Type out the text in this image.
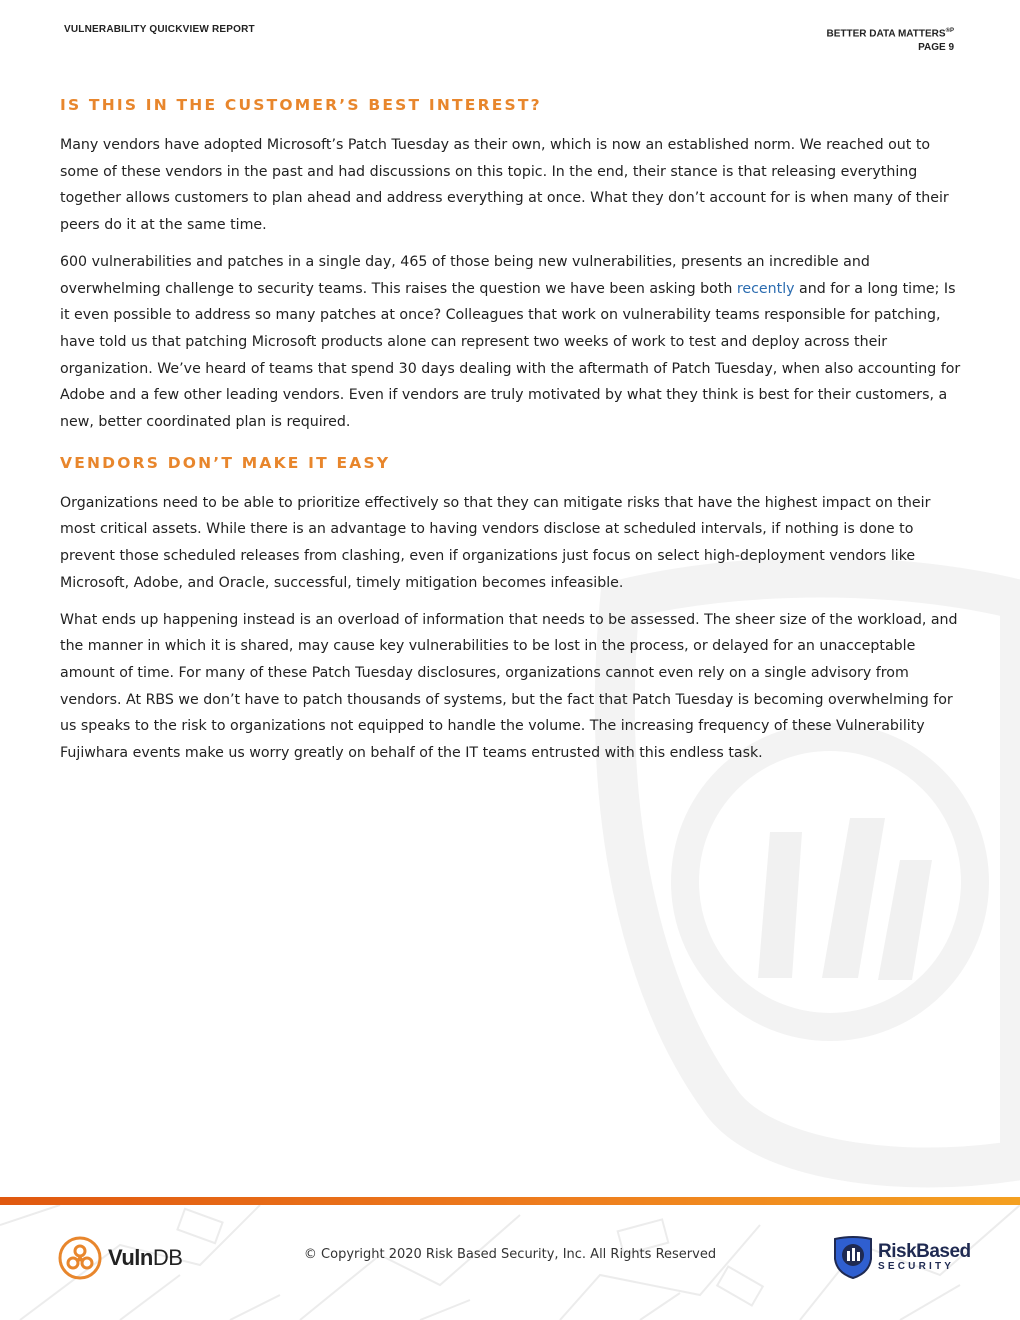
VULNERABILITY QUICKVIEW REPORT	BETTER DATA $MATTERS^{®P}$
PAGE 9
IS THIS IN THE CUSTOMER’S BEST INTEREST?

Many vendors have adopted Microsoft’s Patch Tuesday as their own, which is now an established norm. We reached out to some of these vendors in the past and had discussions on this topic. In the end, their stance is that releasing everything together allows customers to plan ahead and address everything at once. What they don’t account for is when many of their peers do it at the same time.

600 vulnerabilities and patches in a single day, 465 of those being new vulnerabilities, presents an incredible and overwhelming challenge to security teams. This raises the question we have been asking both recently and for a long time; Is it even possible to address so many patches at once? Colleagues that work on vulnerability teams responsible for patching, have told us that patching Microsoft products alone can represent two weeks of work to test and deploy across their organization. We’ve heard of teams that spend 30 days dealing with the aftermath of Patch Tuesday, when also accounting for Adobe and a few other leading vendors. Even if vendors are truly motivated by what they think is best for their customers, a new, better coordinated plan is required.

VENDORS DON’T MAKE IT EASY

Organizations need to be able to prioritize effectively so that they can mitigate risks that have the highest impact on their most critical assets. While there is an advantage to having vendors disclose at scheduled intervals, if nothing is done to prevent those scheduled releases from clashing, even if organizations just focus on select high-deployment vendors like Microsoft, Adobe, and Oracle, successful, timely mitigation becomes infeasible.

What ends up happening instead is an overload of information that needs to be assessed. The sheer size of the workload, and the manner in which it is shared, may cause key vulnerabilities to be lost in the process, or delayed for an unacceptable amount of time. For many of these Patch Tuesday disclosures, organizations cannot even rely on a single advisory from vendors. At RBS we don’t have to patch thousands of systems, but the fact that Patch Tuesday is becoming overwhelming for us speaks to the risk to organizations not equipped to handle the volume. The increasing frequency of these Vulnerability Fujiwhara events make us worry greatly on behalf of the IT teams entrusted with this endless task.

VulnDB	© Copyright 2020 Risk Based Security, Inc. All Rights Reserved	RiskBased
SECURITY
